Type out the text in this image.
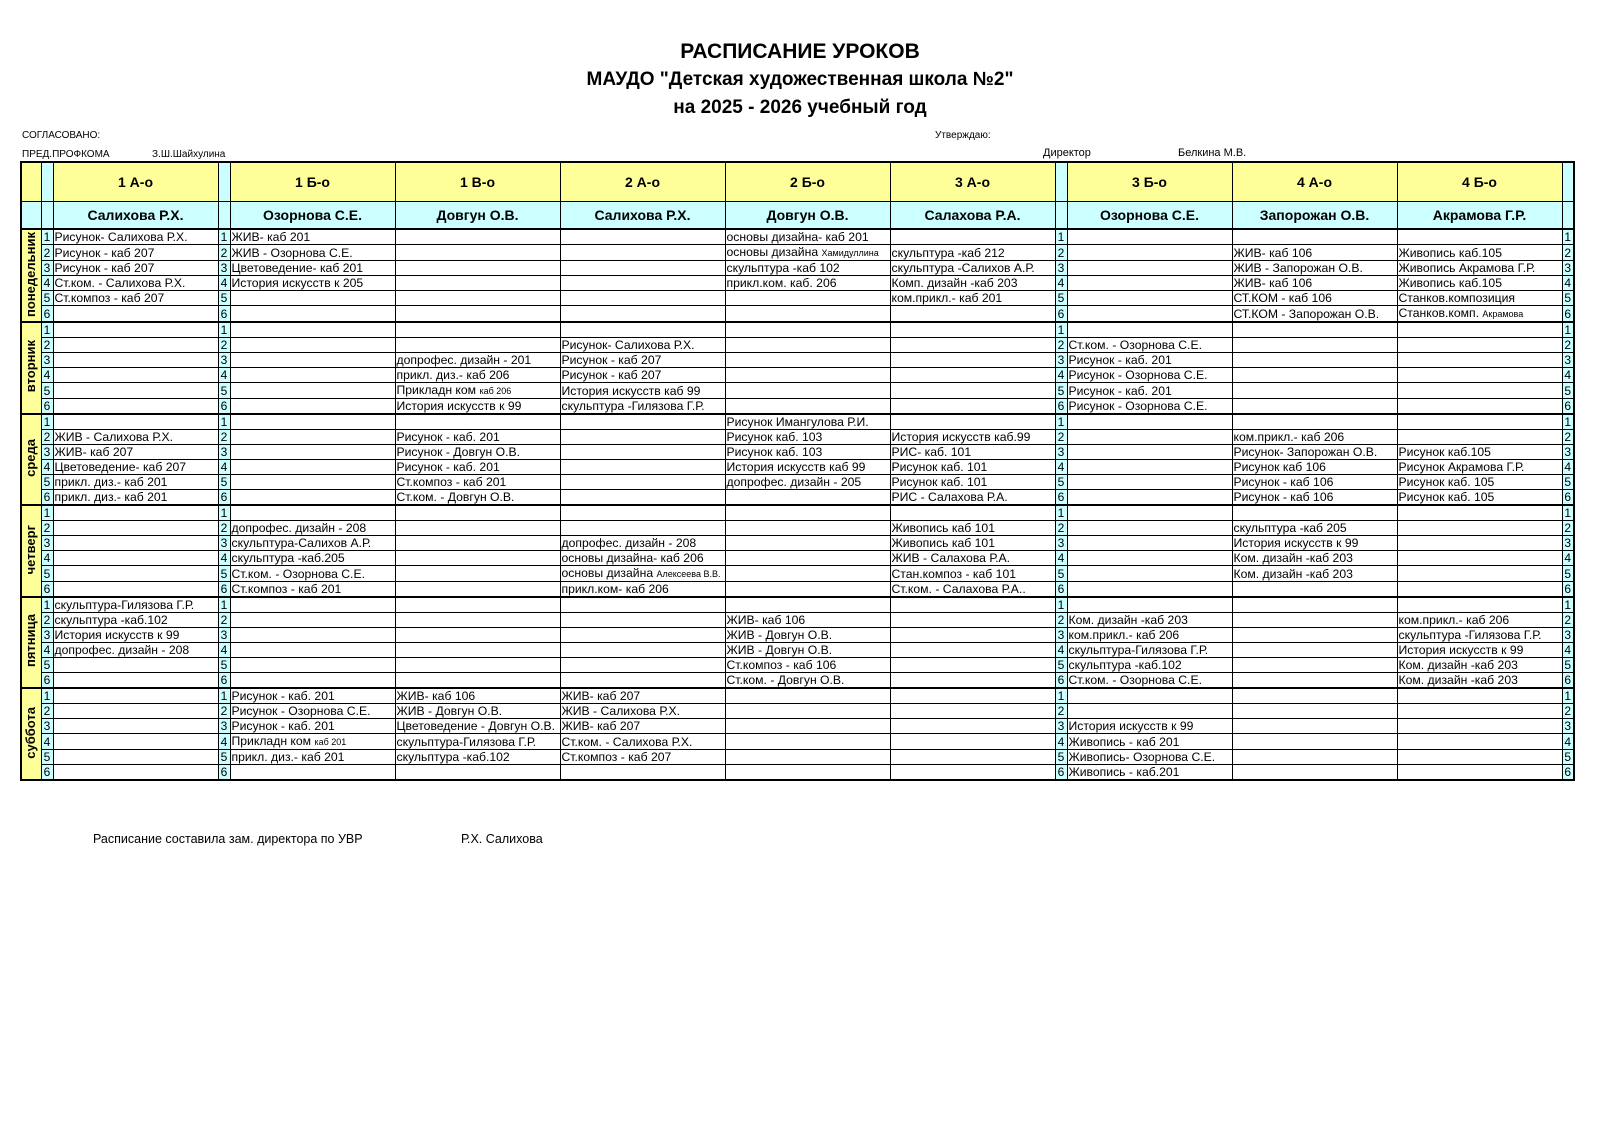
РАСПИСАНИЕ УРОКОВ
МАУДО "Детская художественная школа №2"
на 2025 - 2026 учебный год
СОГЛАСОВАНО:
ПРЕД.ПРОФКОМА	З.Ш.Шайхулина
Утверждаю:
Директор	Белкина М.В.
		1 А-о		1 Б-о	1 В-о	2 А-о	2 Б-о	3 А-о		3 Б-о	4 А-о	4 Б-о	
		Салихова Р.Х.		Озорнова С.Е.	Довгун О.В.	Салихова Р.Х.	Довгун О.В.	Салахова Р.А.		Озорнова С.Е.	Запорожан О.В.	Акрамова Г.Р.	
понедельник	1	Рисунок- Салихова Р.Х.	1	ЖИВ- каб 201			основы дизайна- каб 201		1				1
	2	Рисунок - каб 207	2	ЖИВ - Озорнова С.Е.			основы дизайна Хамидуллина	скульптура -каб 212	2		ЖИВ- каб 106	Живопись каб.105	2
	3	Рисунок - каб 207	3	Цветоведение- каб 201			скульптура -каб 102	скульптура -Салихов А.Р.	3		ЖИВ - Запорожан О.В.	Живопись Акрамова Г.Р.	3
	4	Ст.ком. - Салихова Р.Х.	4	История искусств к 205			прикл.ком. каб. 206	Комп. дизайн -каб 203	4		ЖИВ- каб 106	Живопись каб.105	4
	5	Ст.композ - каб 207	5					ком.прикл.- каб 201	5		СТ.КОМ - каб 106	Станков.композиция	5
	6		6						6		СТ.КОМ - Запорожан О.В.	Станков.комп. Акрамова	6
вторник	1		1						1				1
	2		2			Рисунок- Салихова Р.Х.			2	Ст.ком. - Озорнова С.Е.			2
	3		3		допрофес. дизайн - 201	Рисунок - каб 207			3	Рисунок - каб. 201			3
	4		4		прикл. диз.- каб 206	Рисунок - каб 207			4	Рисунок - Озорнова С.Е.			4
	5		5		Прикладн ком каб 206	История искусств каб 99			5	Рисунок - каб. 201			5
	6		6		История искусств к 99	скульптура -Гилязова Г.Р.			6	Рисунок - Озорнова С.Е.			6
среда	1		1				Рисунок Имангулова Р.И.		1				1
	2	ЖИВ - Салихова Р.Х.	2		Рисунок - каб. 201		Рисунок каб. 103	История искусств каб.99	2		ком.прикл.- каб 206		2
	3	ЖИВ- каб 207	3		Рисунок - Довгун О.В.		Рисунок каб. 103	РИС- каб. 101	3		Рисунок- Запорожан О.В.	Рисунок каб.105	3
	4	Цветоведение- каб 207	4		Рисунок - каб. 201		История искусств каб 99	Рисунок каб. 101	4		Рисунок каб 106	Рисунок Акрамова Г.Р.	4
	5	прикл. диз.- каб 201	5		Ст.композ - каб 201		допрофес. дизайн - 205	Рисунок каб. 101	5		Рисунок - каб 106	Рисунок каб. 105	5
	6	прикл. диз.- каб 201	6		Ст.ком. - Довгун О.В.			РИС - Салахова Р.А.	6		Рисунок - каб 106	Рисунок каб. 105	6
четверг	1		1						1				1
	2		2	допрофес. дизайн - 208				Живопись каб 101	2		скульптура -каб 205		2
	3		3	скульптура-Салихов А.Р.		допрофес. дизайн - 208		Живопись каб 101	3		История искусств к 99		3
	4		4	скульптура -каб.205		основы дизайна- каб 206		ЖИВ - Салахова Р.А.	4		Ком. дизайн -каб 203		4
	5		5	Ст.ком. - Озорнова С.Е.		основы дизайна Алексеева В.В.		Стан.композ - каб 101	5		Ком. дизайн -каб 203		5
	6		6	Ст.композ - каб 201		прикл.ком- каб 206		Ст.ком. - Салахова Р.А..	6				6
пятница	1	скульптура-Гилязова Г.Р.	1						1				1
	2	скульптура -каб.102	2				ЖИВ- каб 106		2	Ком. дизайн -каб 203		ком.прикл.- каб 206	2
	3	История искусств к 99	3				ЖИВ - Довгун О.В.		3	ком.прикл.- каб 206		скульптура -Гилязова Г.Р.	3
	4	допрофес. дизайн - 208	4				ЖИВ - Довгун О.В.		4	скульптура-Гилязова Г.Р.		История искусств к 99	4
	5		5				Ст.композ - каб 106		5	скульптура -каб.102		Ком. дизайн -каб 203	5
	6		6				Ст.ком. - Довгун О.В.		6	Ст.ком. - Озорнова С.Е.		Ком. дизайн -каб 203	6
суббота	1		1	Рисунок - каб. 201	ЖИВ- каб 106	ЖИВ- каб 207			1				1
	2		2	Рисунок - Озорнова С.Е.	ЖИВ - Довгун О.В.	ЖИВ - Салихова Р.Х.			2				2
	3		3	Рисунок - каб. 201	Цветоведение - Довгун О.В.	ЖИВ- каб 207			3	История искусств к 99			3
	4		4	Прикладн ком каб 201	скульптура-Гилязова Г.Р.	Ст.ком. - Салихова Р.Х.			4	Живопись - каб 201			4
	5		5	прикл. диз.- каб 201	скульптура -каб.102	Ст.композ - каб 207			5	Живопись- Озорнова С.Е.			5
	6		6						6	Живопись - каб.201			6
Расписание составила зам. директора по УВР	Р.Х. Салихова
